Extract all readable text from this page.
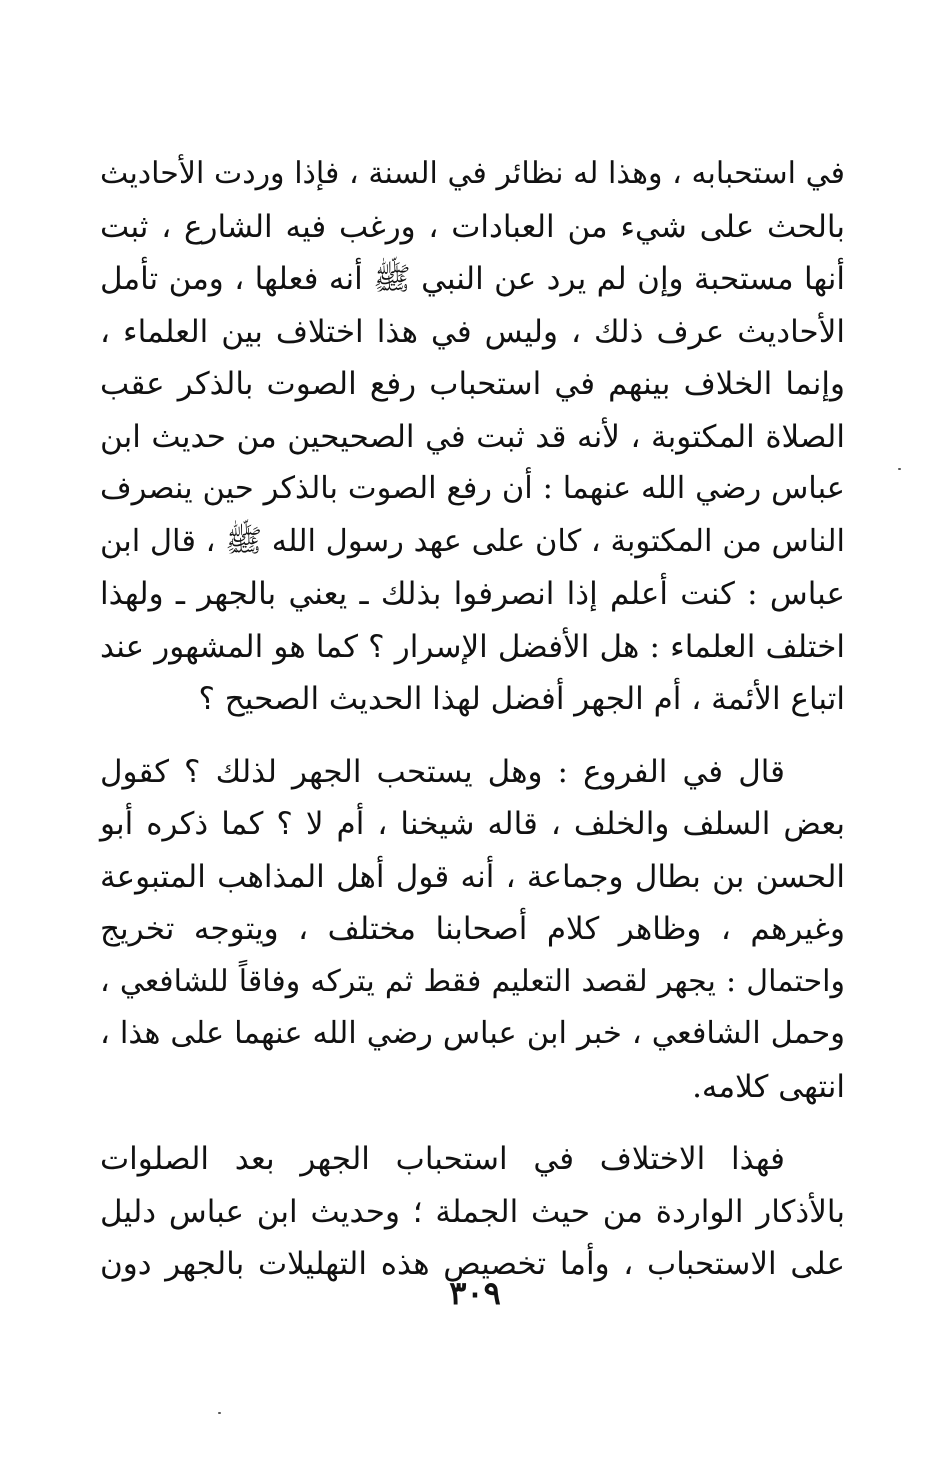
في استحبابه ، وهذا له نظائر في السنة ، فإذا وردت الأحاديث
بالحث على شيء من العبادات ، ورغب فيه الشارع ، ثبت
أنها مستحبة وإن لم يرد عن النبي ﷺ أنه فعلها ، ومن تأمل
الأحاديث عرف ذلك ، وليس في هذا اختلاف بين العلماء ،
وإنما الخلاف بينهم في استحباب رفع الصوت بالذكر عقب
الصلاة المكتوبة ، لأنه قد ثبت في الصحيحين من حديث ابن
عباس رضي الله عنهما : أن رفع الصوت بالذكر حين ينصرف
الناس من المكتوبة ، كان على عهد رسول الله ﷺ ، قال ابن
عباس : كنت أعلم إذا انصرفوا بذلك ـ يعني بالجهر ـ ولهذا
اختلف العلماء : هل الأفضل الإسرار ؟ كما هو المشهور عند
اتباع الأئمة ، أم الجهر أفضل لهذا الحديث الصحيح ؟

قال في الفروع : وهل يستحب الجهر لذلك ؟ كقول
بعض السلف والخلف ، قاله شيخنا ، أم لا ؟ كما ذكره أبو
الحسن بن بطال وجماعة ، أنه قول أهل المذاهب المتبوعة
وغيرهم ، وظاهر كلام أصحابنا مختلف ، ويتوجه تخريج
واحتمال : يجهر لقصد التعليم فقط ثم يتركه وفاقاً للشافعي ،
وحمل الشافعي ، خبر ابن عباس رضي الله عنهما على هذا ،
انتهى كلامه.

فهذا الاختلاف في استحباب الجهر بعد الصلوات
بالأذكار الواردة من حيث الجملة ؛ وحديث ابن عباس دليل
على الاستحباب ، وأما تخصيص هذه التهليلات بالجهر دون

٣٠٩
